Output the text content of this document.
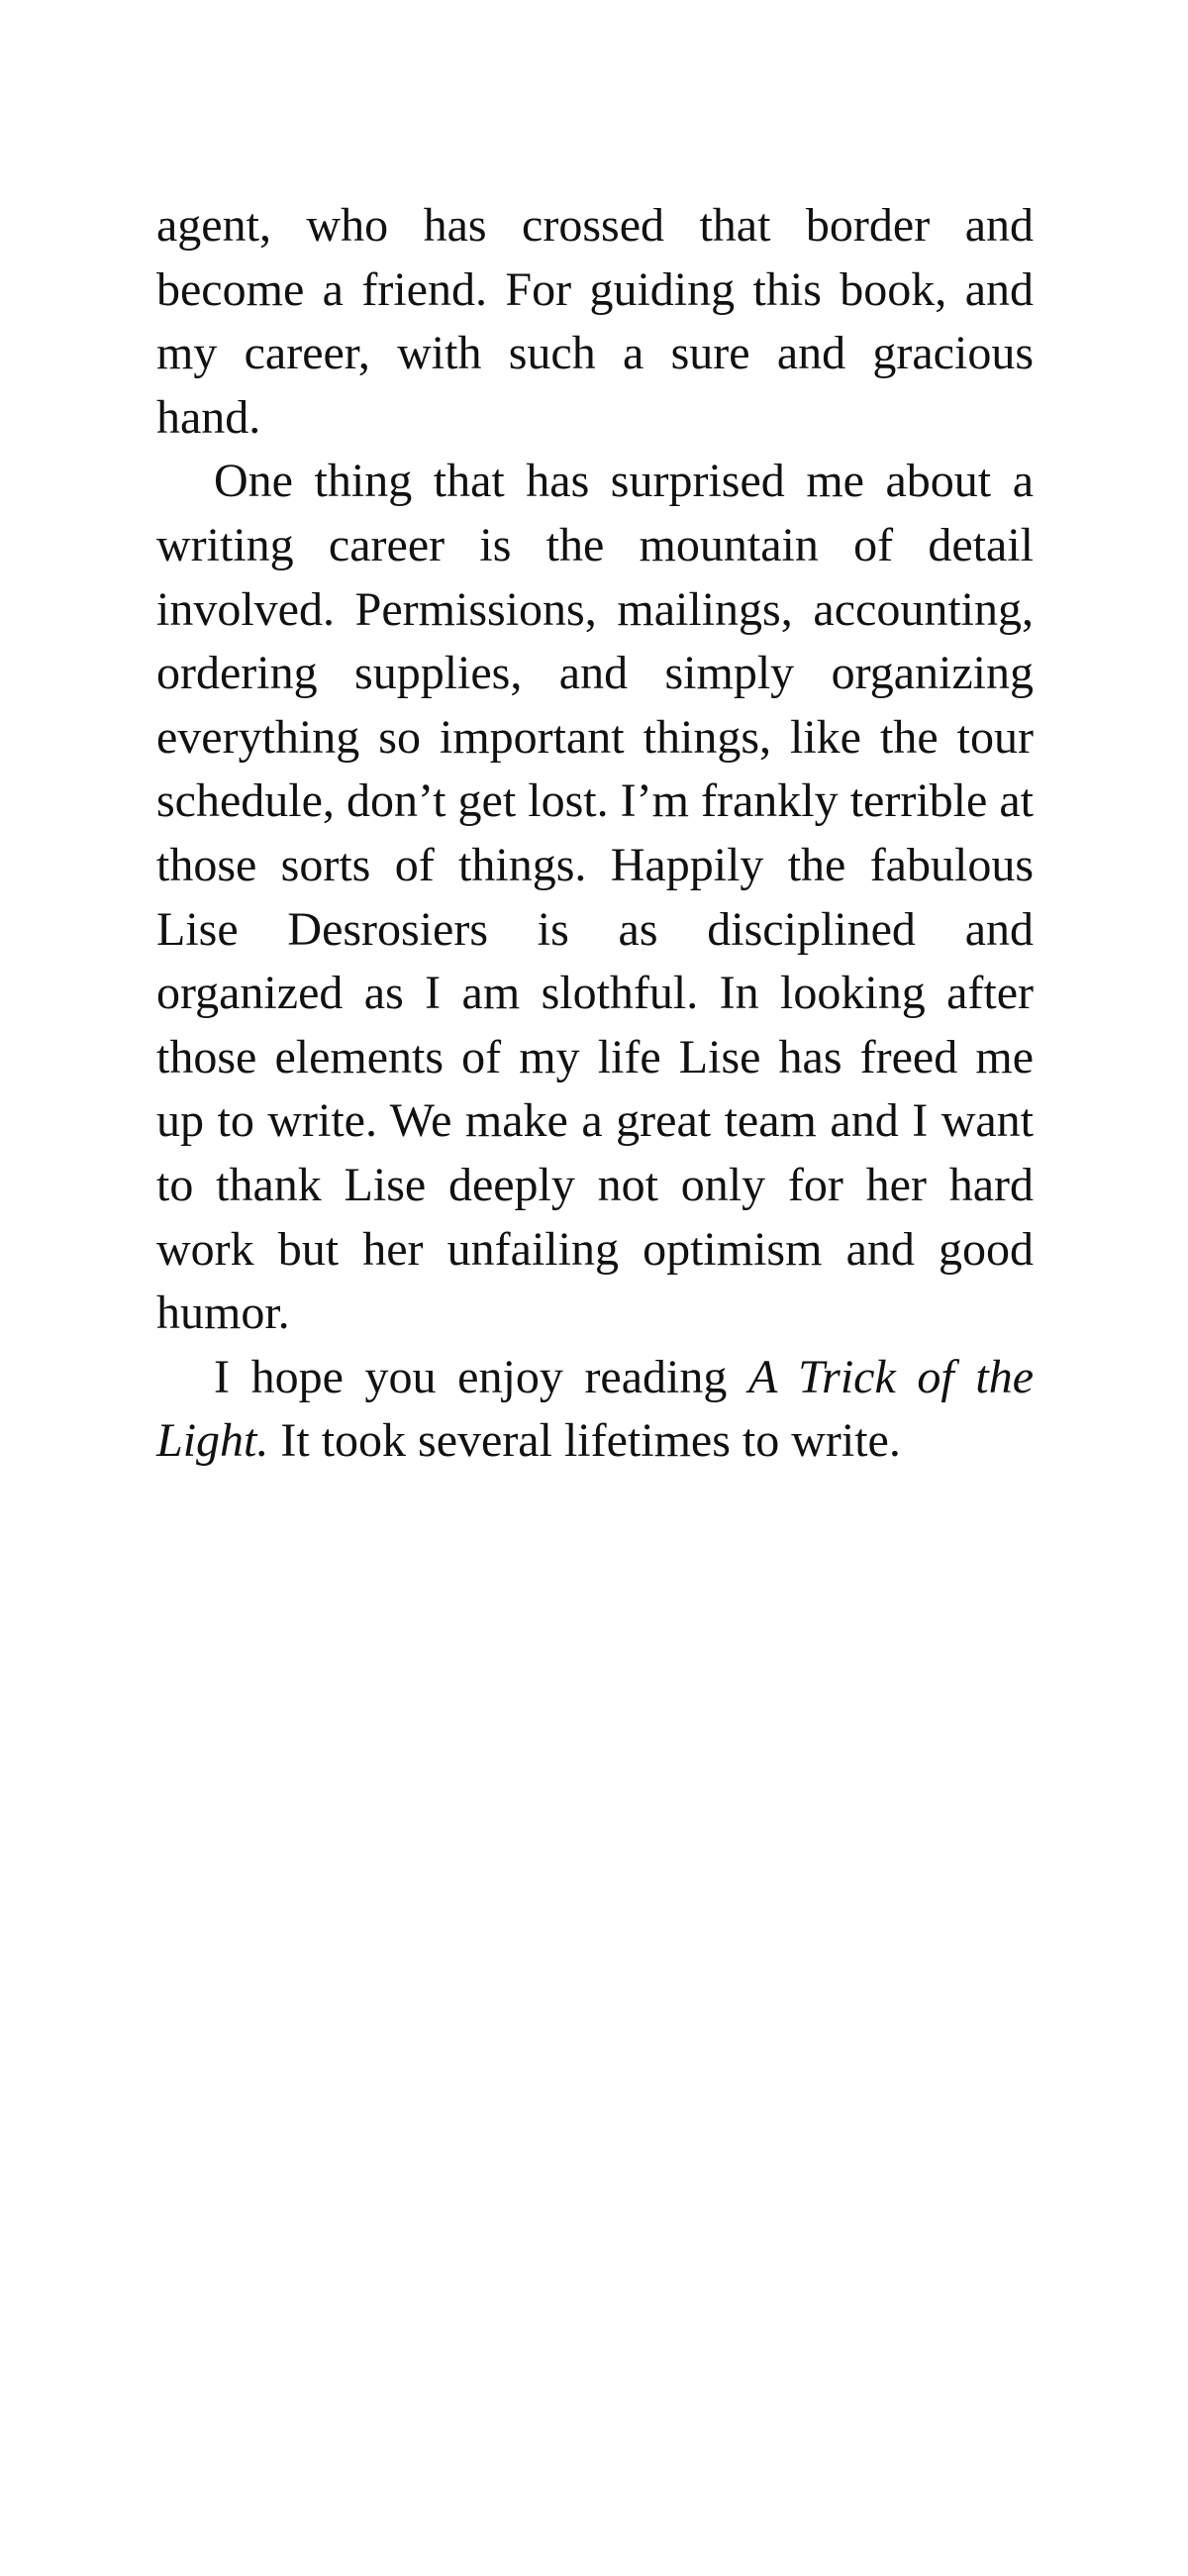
agent, who has crossed that border and become a friend. For guiding this book, and my career, with such a sure and gracious hand.

One thing that has surprised me about a writing career is the mountain of detail involved. Permissions, mailings, accounting, ordering supplies, and simply organizing everything so important things, like the tour schedule, don’t get lost. I’m frankly terrible at those sorts of things. Happily the fabulous Lise Desrosiers is as disciplined and organized as I am slothful. In looking after those elements of my life Lise has freed me up to write. We make a great team and I want to thank Lise deeply not only for her hard work but her unfailing optimism and good humor.

I hope you enjoy reading A Trick of the Light. It took several lifetimes to write.
